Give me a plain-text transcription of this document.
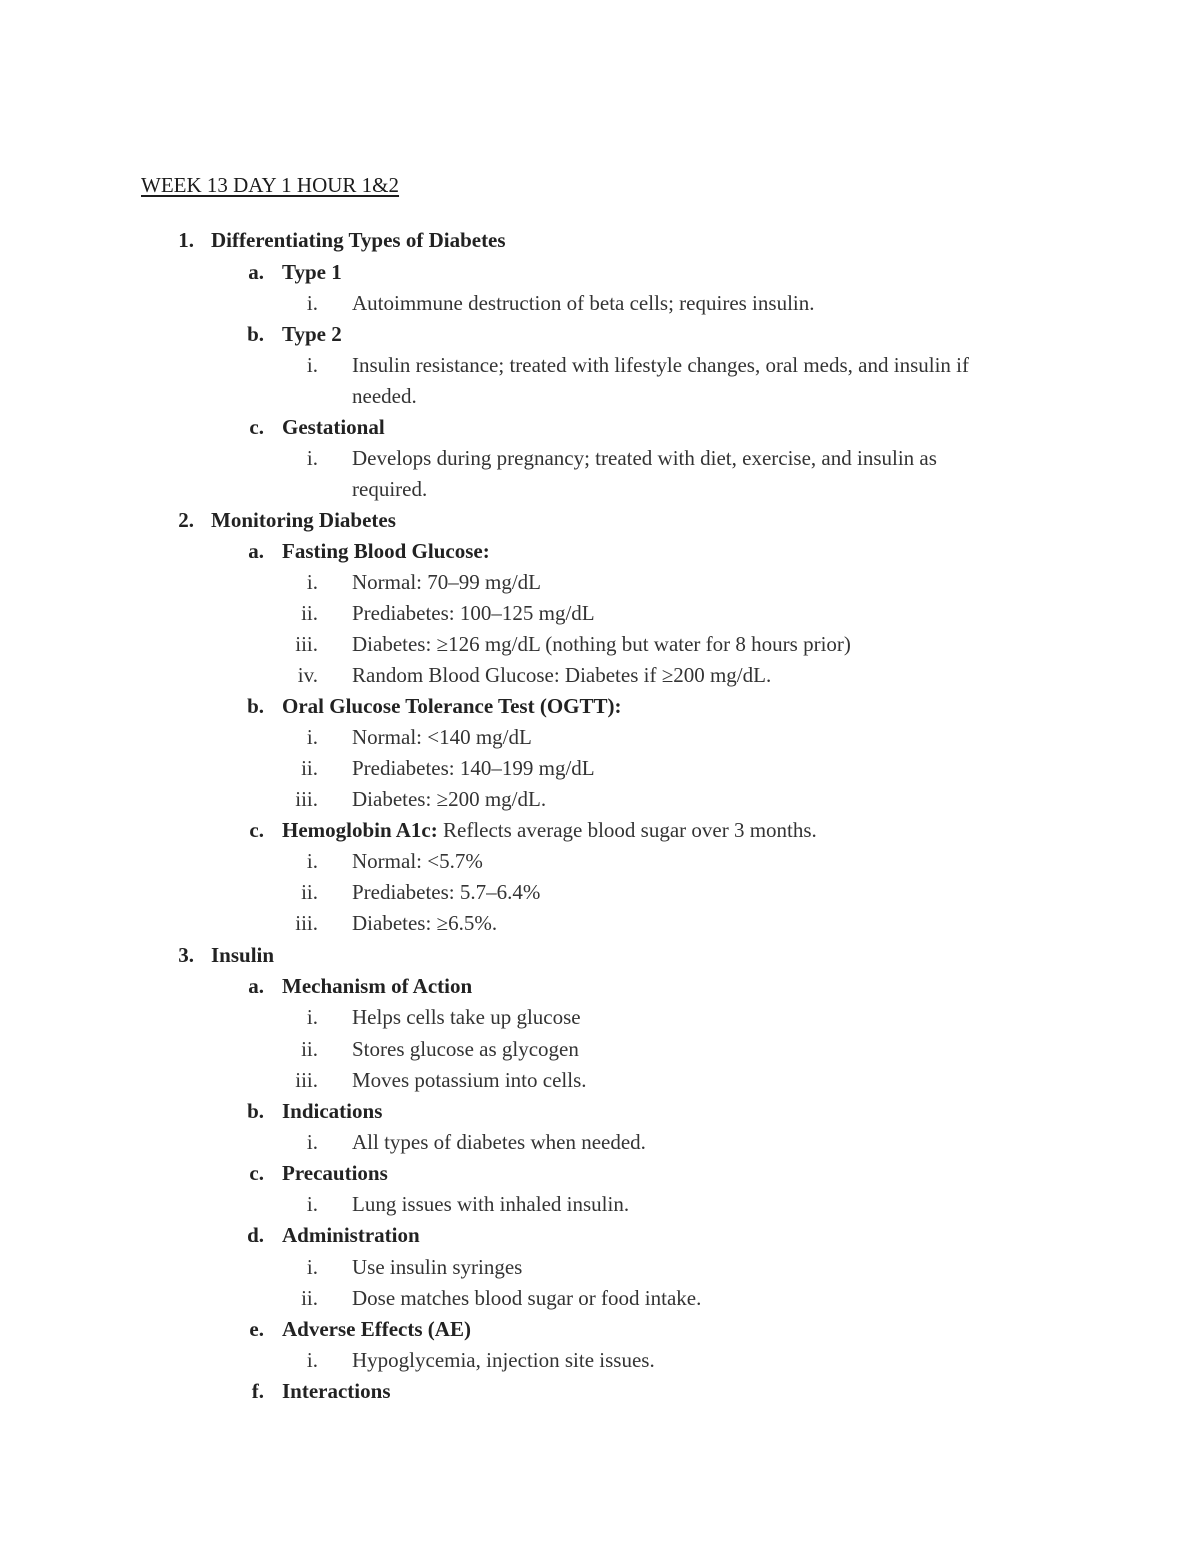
WEEK 13 DAY 1 HOUR 1&2
1. Differentiating Types of Diabetes
a. Type 1
i. Autoimmune destruction of beta cells; requires insulin.
b. Type 2
i. Insulin resistance; treated with lifestyle changes, oral meds, and insulin if
needed.
c. Gestational
i. Develops during pregnancy; treated with diet, exercise, and insulin as
required.
2. Monitoring Diabetes
a. Fasting Blood Glucose:
i. Normal: 70–99 mg/dL
ii. Prediabetes: 100–125 mg/dL
iii. Diabetes: ≥126 mg/dL (nothing but water for 8 hours prior)
iv. Random Blood Glucose: Diabetes if ≥200 mg/dL.
b. Oral Glucose Tolerance Test (OGTT):
i. Normal: <140 mg/dL
ii. Prediabetes: 140–199 mg/dL
iii. Diabetes: ≥200 mg/dL.
c. Hemoglobin A1c: Reflects average blood sugar over 3 months.
i. Normal: <5.7%
ii. Prediabetes: 5.7–6.4%
iii. Diabetes: ≥6.5%.
3. Insulin
a. Mechanism of Action
i. Helps cells take up glucose
ii. Stores glucose as glycogen
iii. Moves potassium into cells.
b. Indications
i. All types of diabetes when needed.
c. Precautions
i. Lung issues with inhaled insulin.
d. Administration
i. Use insulin syringes
ii. Dose matches blood sugar or food intake.
e. Adverse Effects (AE)
i. Hypoglycemia, injection site issues.
f. Interactions
